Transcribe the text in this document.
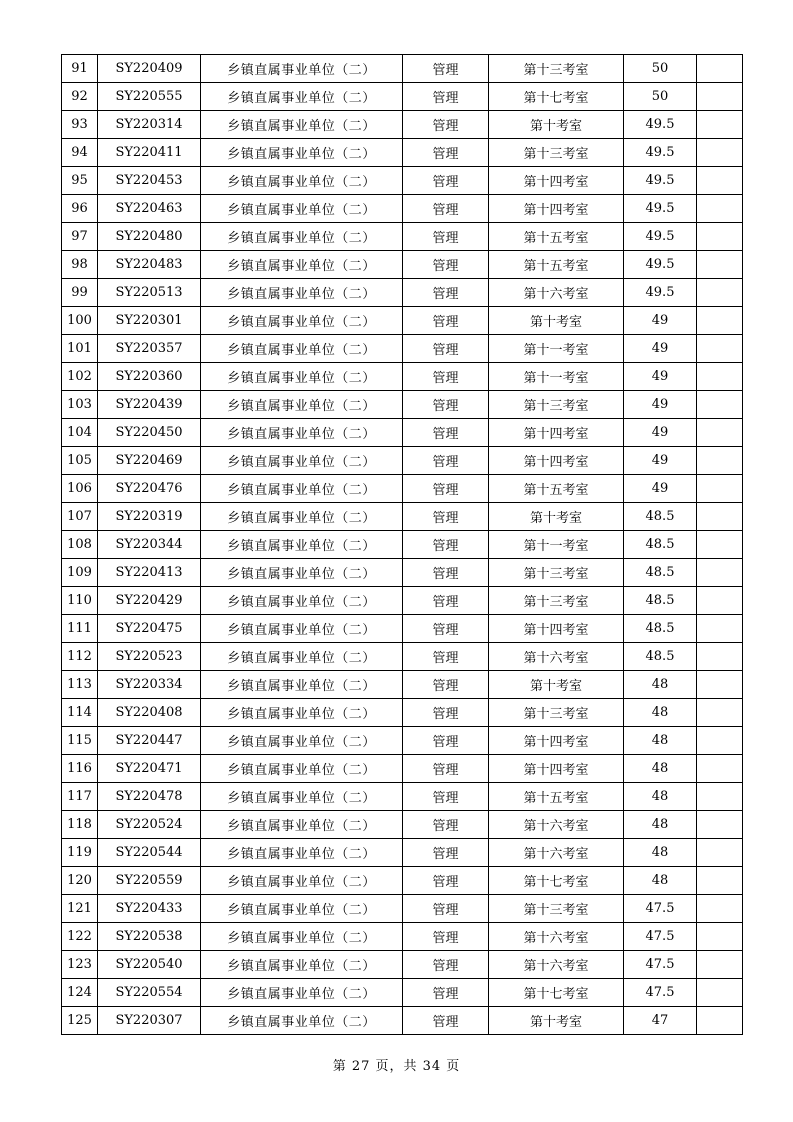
91	SY220409	乡镇直属事业单位（二）	管理	第十三考室	50	
92	SY220555	乡镇直属事业单位（二）	管理	第十七考室	50	
93	SY220314	乡镇直属事业单位（二）	管理	第十考室	49.5	
94	SY220411	乡镇直属事业单位（二）	管理	第十三考室	49.5	
95	SY220453	乡镇直属事业单位（二）	管理	第十四考室	49.5	
96	SY220463	乡镇直属事业单位（二）	管理	第十四考室	49.5	
97	SY220480	乡镇直属事业单位（二）	管理	第十五考室	49.5	
98	SY220483	乡镇直属事业单位（二）	管理	第十五考室	49.5	
99	SY220513	乡镇直属事业单位（二）	管理	第十六考室	49.5	
100	SY220301	乡镇直属事业单位（二）	管理	第十考室	49	
101	SY220357	乡镇直属事业单位（二）	管理	第十一考室	49	
102	SY220360	乡镇直属事业单位（二）	管理	第十一考室	49	
103	SY220439	乡镇直属事业单位（二）	管理	第十三考室	49	
104	SY220450	乡镇直属事业单位（二）	管理	第十四考室	49	
105	SY220469	乡镇直属事业单位（二）	管理	第十四考室	49	
106	SY220476	乡镇直属事业单位（二）	管理	第十五考室	49	
107	SY220319	乡镇直属事业单位（二）	管理	第十考室	48.5	
108	SY220344	乡镇直属事业单位（二）	管理	第十一考室	48.5	
109	SY220413	乡镇直属事业单位（二）	管理	第十三考室	48.5	
110	SY220429	乡镇直属事业单位（二）	管理	第十三考室	48.5	
111	SY220475	乡镇直属事业单位（二）	管理	第十四考室	48.5	
112	SY220523	乡镇直属事业单位（二）	管理	第十六考室	48.5	
113	SY220334	乡镇直属事业单位（二）	管理	第十考室	48	
114	SY220408	乡镇直属事业单位（二）	管理	第十三考室	48	
115	SY220447	乡镇直属事业单位（二）	管理	第十四考室	48	
116	SY220471	乡镇直属事业单位（二）	管理	第十四考室	48	
117	SY220478	乡镇直属事业单位（二）	管理	第十五考室	48	
118	SY220524	乡镇直属事业单位（二）	管理	第十六考室	48	
119	SY220544	乡镇直属事业单位（二）	管理	第十六考室	48	
120	SY220559	乡镇直属事业单位（二）	管理	第十七考室	48	
121	SY220433	乡镇直属事业单位（二）	管理	第十三考室	47.5	
122	SY220538	乡镇直属事业单位（二）	管理	第十六考室	47.5	
123	SY220540	乡镇直属事业单位（二）	管理	第十六考室	47.5	
124	SY220554	乡镇直属事业单位（二）	管理	第十七考室	47.5	
125	SY220307	乡镇直属事业单位（二）	管理	第十考室	47	
第 27 页，共 34 页
